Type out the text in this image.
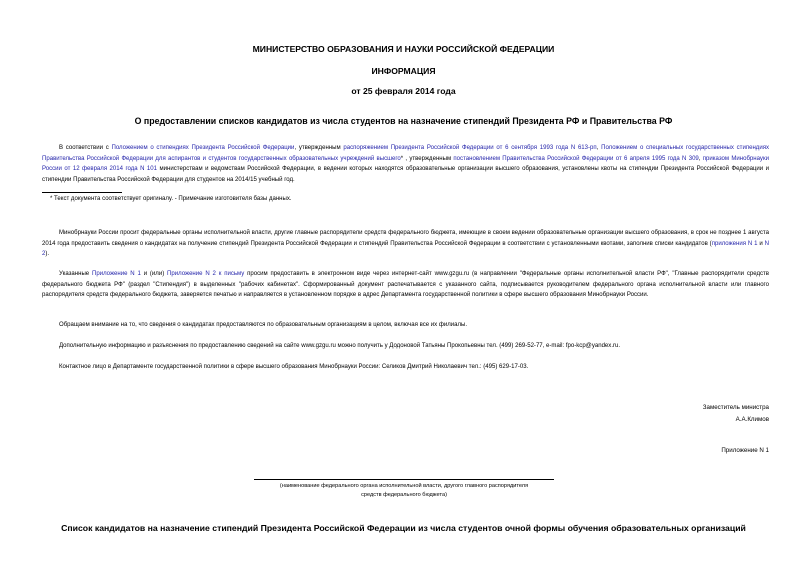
МИНИСТЕРСТВО ОБРАЗОВАНИЯ И НАУКИ РОССИЙСКОЙ ФЕДЕРАЦИИ
ИНФОРМАЦИЯ
от 25 февраля 2014 года
О предоставлении списков кандидатов из числа студентов на назначение стипендий Президента РФ и Правительства РФ
В соответствии с Положением о стипендиях Президента Российской Федерации, утвержденным распоряжением Президента Российской Федерации от 6 сентября 1993 года N 613-рп, Положением о специальных государственных стипендиях Правительства Российской Федерации для аспирантов и студентов государственных образовательных учреждений высшего* , утвержденным постановлением Правительства Российской Федерации от 6 апреля 1995 года N 309, приказом Минобрнауки России от 12 февраля 2014 года N 101 министерствам и ведомствам Российской Федерации, в ведении которых находятся образовательные организации высшего образования, установлены квоты на стипендии Президента Российской Федерации и стипендии Правительства Российской Федерации для студентов на 2014/15 учебный год.
* Текст документа соответствует оригиналу. - Примечание изготовителя базы данных.
Минобрнауки России просит федеральные органы исполнительной власти, другие главные распорядители средств федерального бюджета, имеющие в своем ведении образовательные организации высшего образования, в срок не позднее 1 августа 2014 года предоставить сведения о кандидатах на получение стипендий Президента Российской Федерации и стипендий Правительства Российской Федерации в соответствии с установленными квотами, заполнив списки кандидатов (приложения N 1 и N 2).
Указанные Приложение N 1 и (или) Приложение N 2 к письму просим предоставить в электронном виде через интернет-сайт www.gzgu.ru (в направлении "Федеральные органы исполнительной власти РФ", "Главные распорядители средств федерального бюджета РФ" (раздел "Стипендия") в выделенных "рабочих кабинетах". Сформированный документ распечатывается с указанного сайта, подписывается руководителем федерального органа исполнительной власти или главного распорядителя средств федерального бюджета, заверяется печатью и направляется в установленном порядке в адрес Департамента государственной политики в сфере высшего образования Минобрнауки России.
Обращаем внимание на то, что сведения о кандидатах предоставляются по образовательным организациям в целом, включая все их филиалы.
Дополнительную информацию и разъяснения по предоставлению сведений на сайте www.gzgu.ru можно получить у Додоновой Татьяны Прокопьевны тел. (499) 269-52-77, e-mail: fpo-kcp@yandex.ru.
Контактное лицо в Департаменте государственной политики в сфере высшего образования Минобрнауки России: Селиков Дмитрий Николаевич тел.: (495) 629-17-03.
Заместитель министра
А.А.Климов
Приложение N 1
(наименование федерального органа исполнительной власти, другого главного распорядителя
средств федерального бюджета)
Список кандидатов на назначение стипендий Президента Российской Федерации из числа студентов очной формы обучения образовательных организаций
